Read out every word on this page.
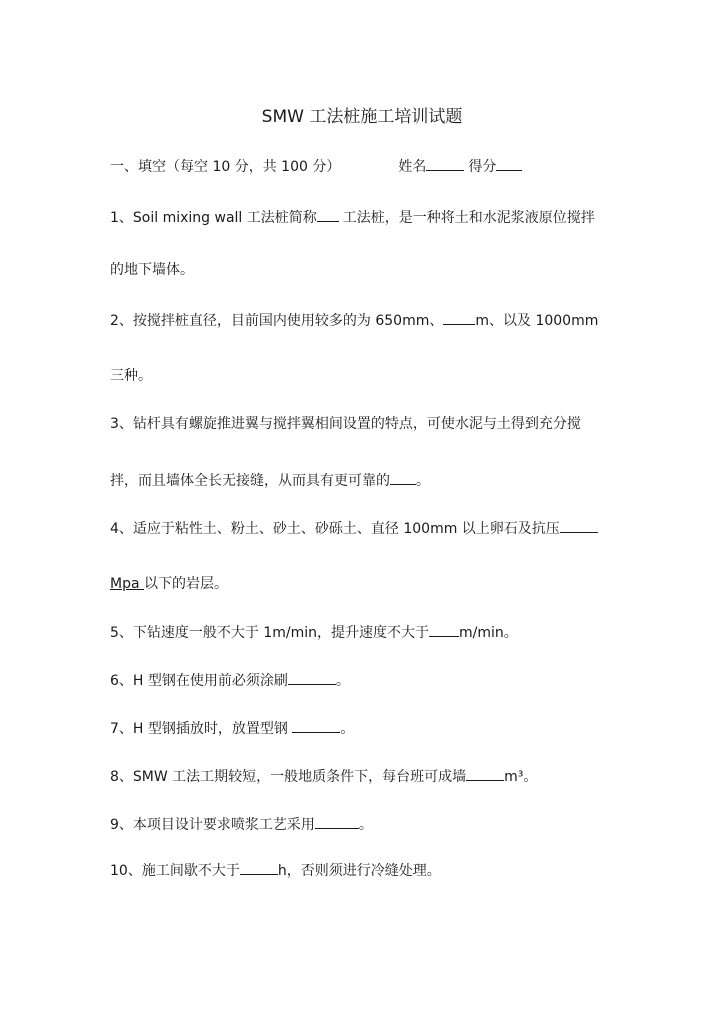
SMW 工法桩施工培训试题
一、填空（每空 10 分，共 100 分）	姓名	得分
1、Soil mixing wall 工法桩简称 工法桩，是一种将土和水泥浆液原位搅拌
的地下墙体。
2、按搅拌桩直径，目前国内使用较多的为 650mm、 m、以及 1000mm
三种。
3、钻杆具有螺旋推进翼与搅拌翼相间设置的特点，可使水泥与土得到充分搅
拌，而且墙体全长无接缝，从而具有更可靠的 。
4、适应于粘性土、粉土、砂土、砂砾土、直径 100mm 以上卵石及抗压
Mpa 以下的岩层。
5、下钻速度一般不大于 1m/min，提升速度不大于 m/min。
6、H 型钢在使用前必须涂刷	。
7、H 型钢插放时，放置型钢	。
8、SMW 工法工期较短，一般地质条件下，每台班可成墙	m³。
9、本项目设计要求喷浆工艺采用	。
10、施工间歇不大于	h，否则须进行冷缝处理。
